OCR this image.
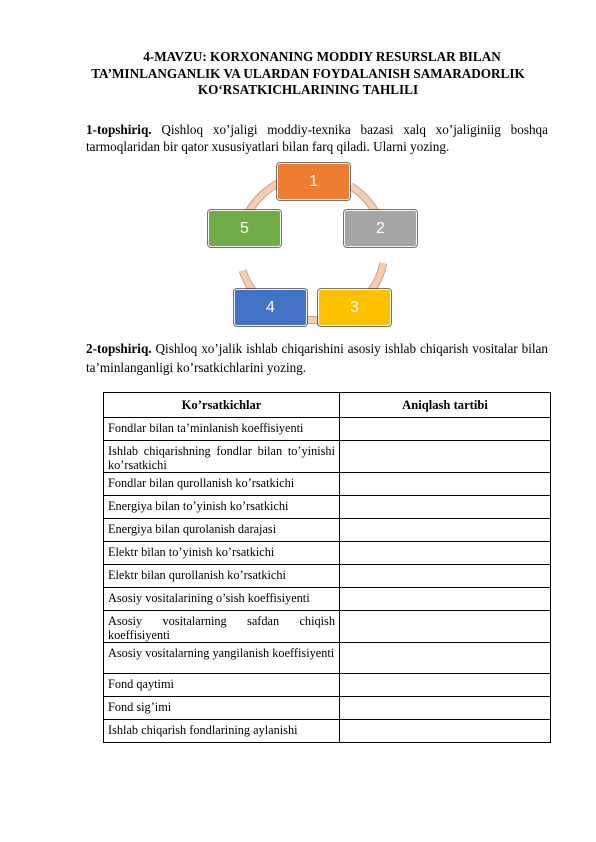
4-MAVZU: KORXONANING MODDIY RESURSLAR BILAN
TA’MINLANGANLIK VA ULARDAN FOYDALANISH SAMARADORLIK
KO‘RSATKICHLARINING TAHLILI
1-topshiriq. Qishloq xo’jaligi moddiy-texnika bazasi xalq xo’jaliginiig boshqa tarmoqlaridan bir qator xususiyatlari bilan farq qiladi. Ularni yozing.
1
2
3
4
5
2-topshiriq. Qishloq xo’jalik ishlab chiqarishini asosiy ishlab chiqarish vositalar bilan ta’minlanganligi ko’rsatkichlarini yozing.
Ko’rsatkichlar	Aniqlash tartibi

Fondlar bilan ta’minlanish koeffisiyenti	

Ishlab chiqarishning fondlar bilan to’yinishi ko’rsatkichi	

Fondlar bilan qurollanish ko’rsatkichi	

Energiya bilan to’yinish ko’rsatkichi	

Energiya bilan qurolanish darajasi	

Elektr bilan to’yinish ko’rsatkichi	

Elektr bilan qurollanish ko’rsatkichi	

Asosiy vositalarining o’sish koeffisiyenti	

Asosiy vositalarning safdan chiqish koeffisiyenti	

Asosiy vositalarning yangilanish koeffisiyenti	

Fond qaytimi	

Fond sig’imi	

Ishlab chiqarish fondlarining aylanishi	
